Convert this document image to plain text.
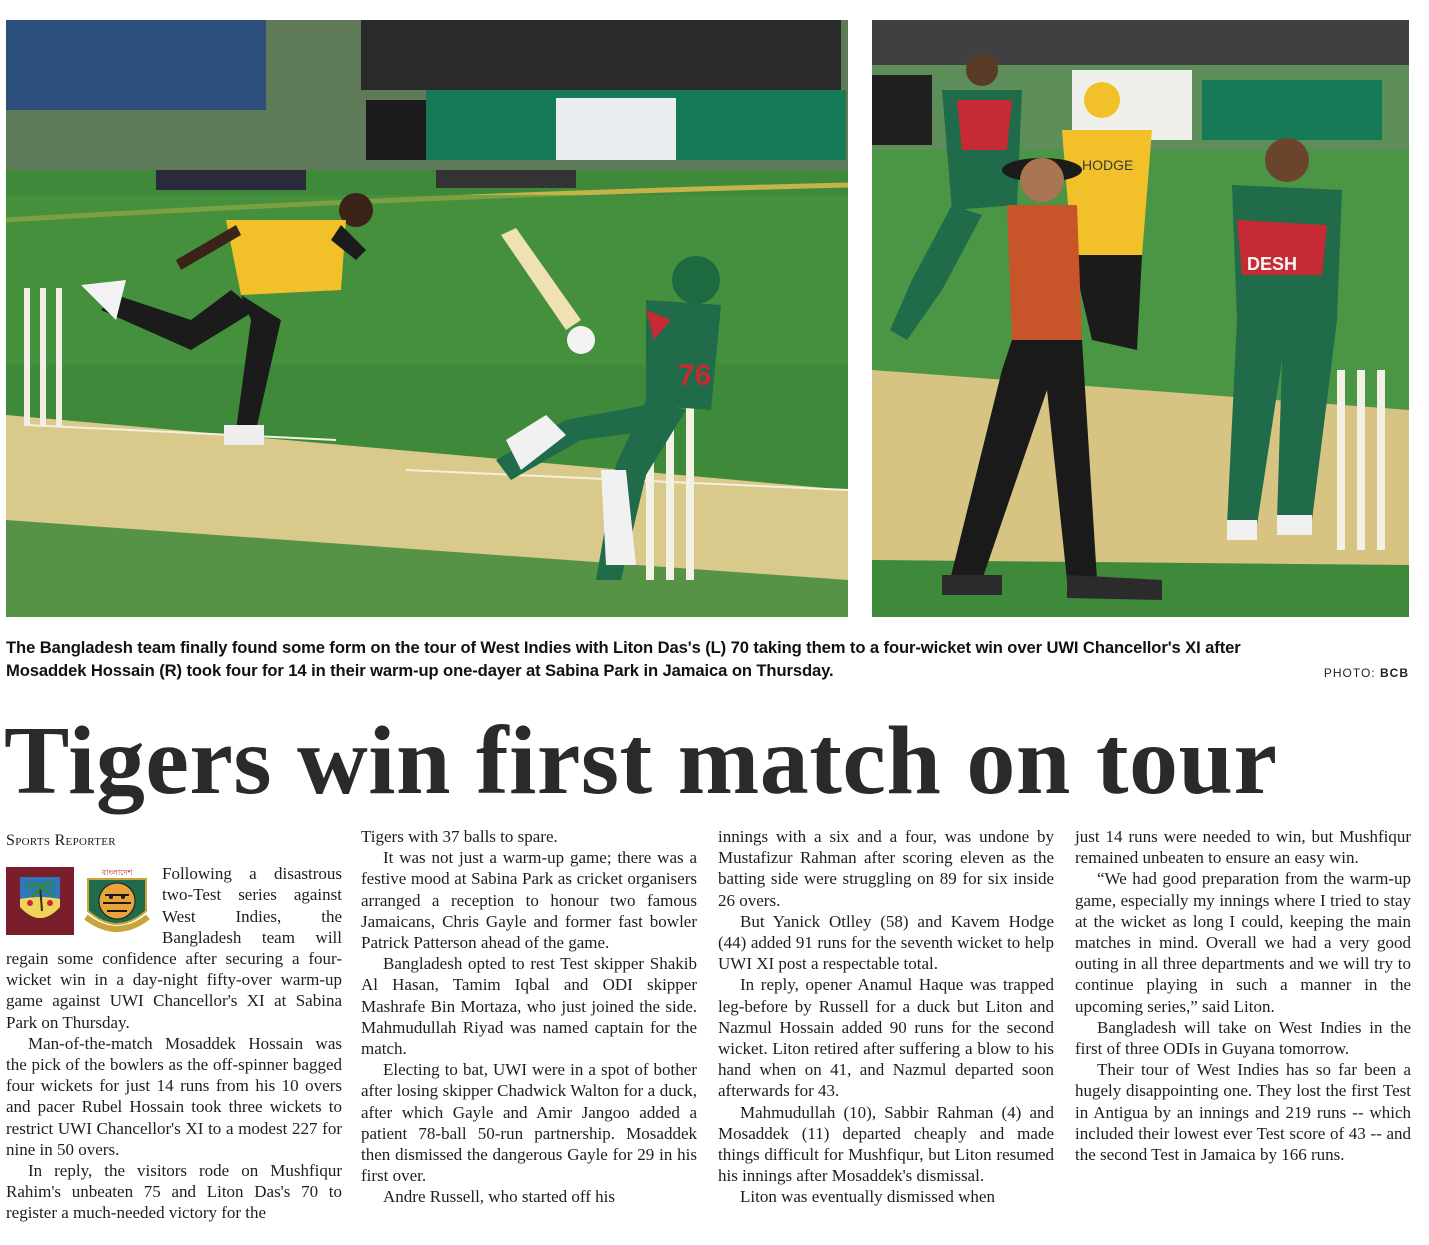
76
HODGE
DESH
The Bangladesh team finally found some form on the tour of West Indies with Liton Das's (L) 70 taking them to a four-wicket win over UWI Chancellor's XI after Mosaddek Hossain (R) took four for 14 in their warm-up one-dayer at Sabina Park in Jamaica on Thursday.	PHOTO: BCB
Tigers win first match on tour
Sports Reporter
বাংলাদেশ	Following a disastrous two-Test series against West Indies, the Bangladesh team will regain some confidence after securing a four-wicket win in a day-night fifty-over warm-up game against UWI Chancellor's XI at Sabina Park on Thursday.

Man-of-the-match Mosaddek Hossain was the pick of the bowlers as the off-spinner bagged four wickets for just 14 runs from his 10 overs and pacer Rubel Hossain took three wickets to restrict UWI Chancellor's XI to a modest 227 for nine in 50 overs.

In reply, the visitors rode on Mushfiqur Rahim's unbeaten 75 and Liton Das's 70 to register a much-needed victory for the

Tigers with 37 balls to spare.

It was not just a warm-up game; there was a festive mood at Sabina Park as cricket organisers arranged a reception to honour two famous Jamaicans, Chris Gayle and former fast bowler Patrick Patterson ahead of the game.

Bangladesh opted to rest Test skipper Shakib Al Hasan, Tamim Iqbal and ODI skipper Mashrafe Bin Mortaza, who just joined the side. Mahmudullah Riyad was named captain for the match.

Electing to bat, UWI were in a spot of bother after losing skipper Chadwick Walton for a duck, after which Gayle and Amir Jangoo added a patient 78-ball 50-run partnership. Mosaddek then dismissed the dangerous Gayle for 29 in his first over.

Andre Russell, who started off his

innings with a six and a four, was undone by Mustafizur Rahman after scoring eleven as the batting side were struggling on 89 for six inside 26 overs.

But Yanick Otlley (58) and Kavem Hodge (44) added 91 runs for the seventh wicket to help UWI XI post a respectable total.

In reply, opener Anamul Haque was trapped leg-before by Russell for a duck but Liton and Nazmul Hossain added 90 runs for the second wicket. Liton retired after suffering a blow to his hand when on 41, and Nazmul departed soon afterwards for 43.

Mahmudullah (10), Sabbir Rahman (4) and Mosaddek (11) departed cheaply and made things difficult for Mushfiqur, but Liton resumed his innings after Mosaddek's dismissal.

Liton was eventually dismissed when

just 14 runs were needed to win, but Mushfiqur remained unbeaten to ensure an easy win.

“We had good preparation from the warm-up game, especially my innings where I tried to stay at the wicket as long I could, keeping the main matches in mind. Overall we had a very good outing in all three departments and we will try to continue playing in such a manner in the upcoming series,” said Liton.

Bangladesh will take on West Indies in the first of three ODIs in Guyana tomorrow.

Their tour of West Indies has so far been a hugely disappointing one. They lost the first Test in Antigua by an innings and 219 runs -- which included their lowest ever Test score of 43 -- and the second Test in Jamaica by 166 runs.
